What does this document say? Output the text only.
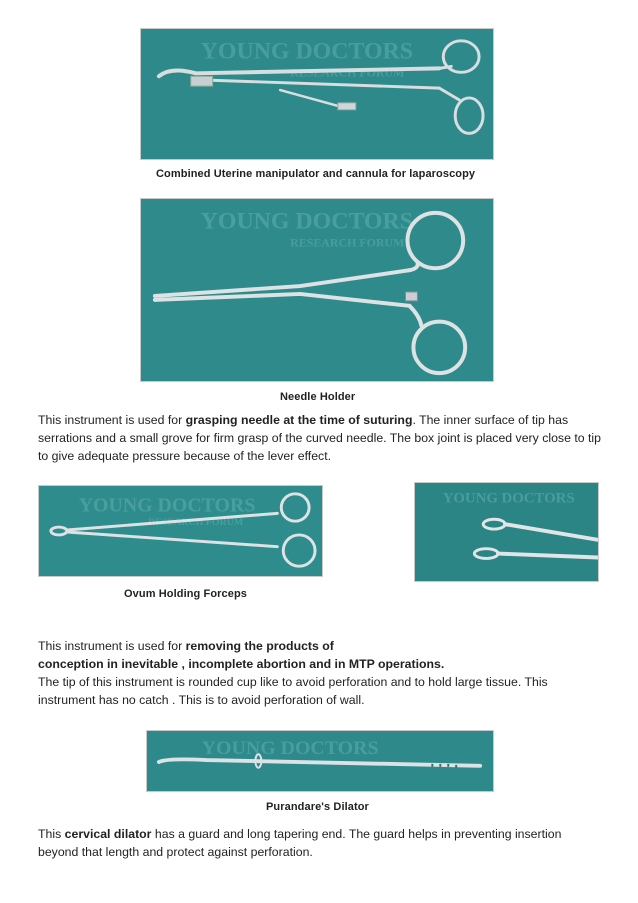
YOUNG DOCTORS
RESEARCH FORUM
Combined Uterine manipulator and cannula for laparoscopy
YOUNG DOCTORS
RESEARCH FORUM
Needle Holder

This instrument is used for grasping needle at the time of suturing. The inner surface of tip has serrations and a small grove for firm grasp of the curved needle. The box joint is placed very close to tip to give adequate pressure because of the lever effect.

YOUNG DOCTORS
RESEARCH FORUM
YOUNG DOCTORS
Ovum Holding Forceps

This instrument is used for removing the products of
conception in inevitable , incomplete abortion and in MTP operations.
The tip of this instrument is rounded cup like to avoid perforation and to hold large tissue. This instrument has no catch . This is to avoid perforation of wall.

YOUNG DOCTORS
Purandare's Dilator

This cervical dilator has a guard and long tapering end. The guard helps in preventing insertion beyond that length and protect against perforation.
